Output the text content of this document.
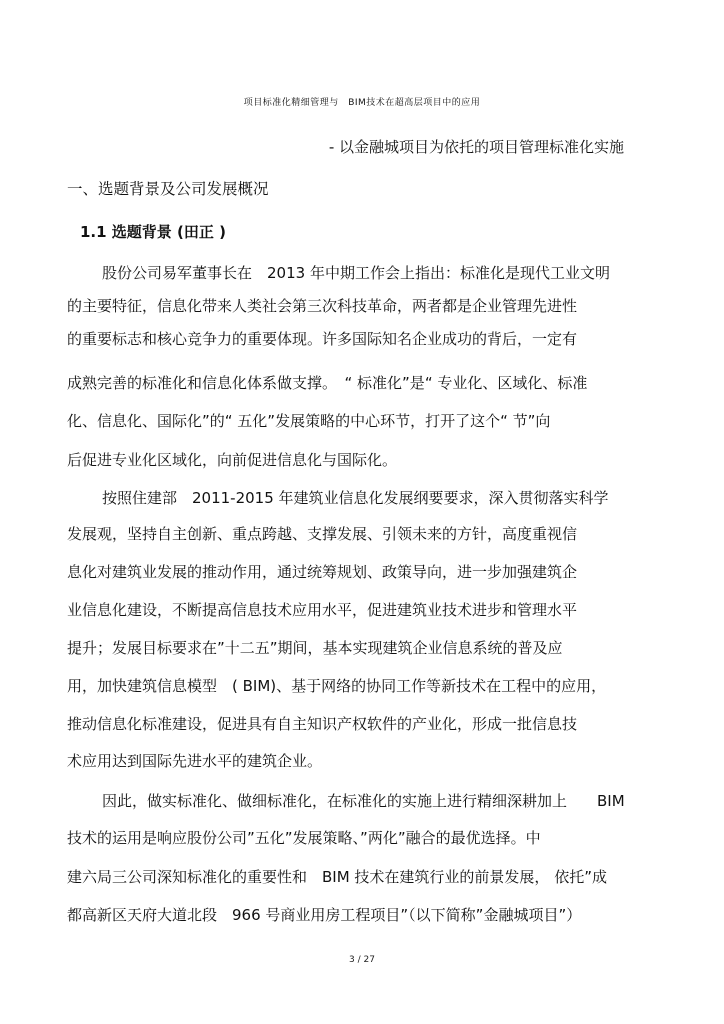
项目标准化精细管理与　BIM技术在超高层项目中的应用
- 以金融城项目为依托的项目管理标准化实施
一、选题背景及公司发展概况
1.1 选题背景 (田正 )
股份公司易军董事长在　2013 年中期工作会上指出：标准化是现代工业文明
的主要特征，信息化带来人类社会第三次科技革命，两者都是企业管理先进性
的重要标志和核心竞争力的重要体现。许多国际知名企业成功的背后，一定有
成熟完善的标准化和信息化体系做支撑。　“ 标准化”是“ 专业化、区域化、标准
化、信息化、国际化”的“ 五化”发展策略的中心环节，打开了这个“ 节”向
后促进专业化区域化，向前促进信息化与国际化。
按照住建部　2011-2015 年建筑业信息化发展纲要要求，深入贯彻落实科学
发展观，坚持自主创新、重点跨越、支撑发展、引领未来的方针，高度重视信
息化对建筑业发展的推动作用，通过统筹规划、政策导向，进一步加强建筑企
业信息化建设，不断提高信息技术应用水平，促进建筑业技术进步和管理水平
提升；发展目标要求在”十二五”期间，基本实现建筑企业信息系统的普及应
用，加快建筑信息模型　( BIM)、基于网络的协同工作等新技术在工程中的应用，
推动信息化标准建设，促进具有自主知识产权软件的产业化，形成一批信息技
术应用达到国际先进水平的建筑企业。
因此，做实标准化、做细标准化，在标准化的实施上进行精细深耕加上　　BIM
技术的运用是响应股份公司”五化”发展策略、”两化”融合的最优选择。中
建六局三公司深知标准化的重要性和　BIM 技术在建筑行业的前景发展， 依托”成
都高新区天府大道北段　966 号商业用房工程项目”（以下简称”金融城项目”）
3 / 27
